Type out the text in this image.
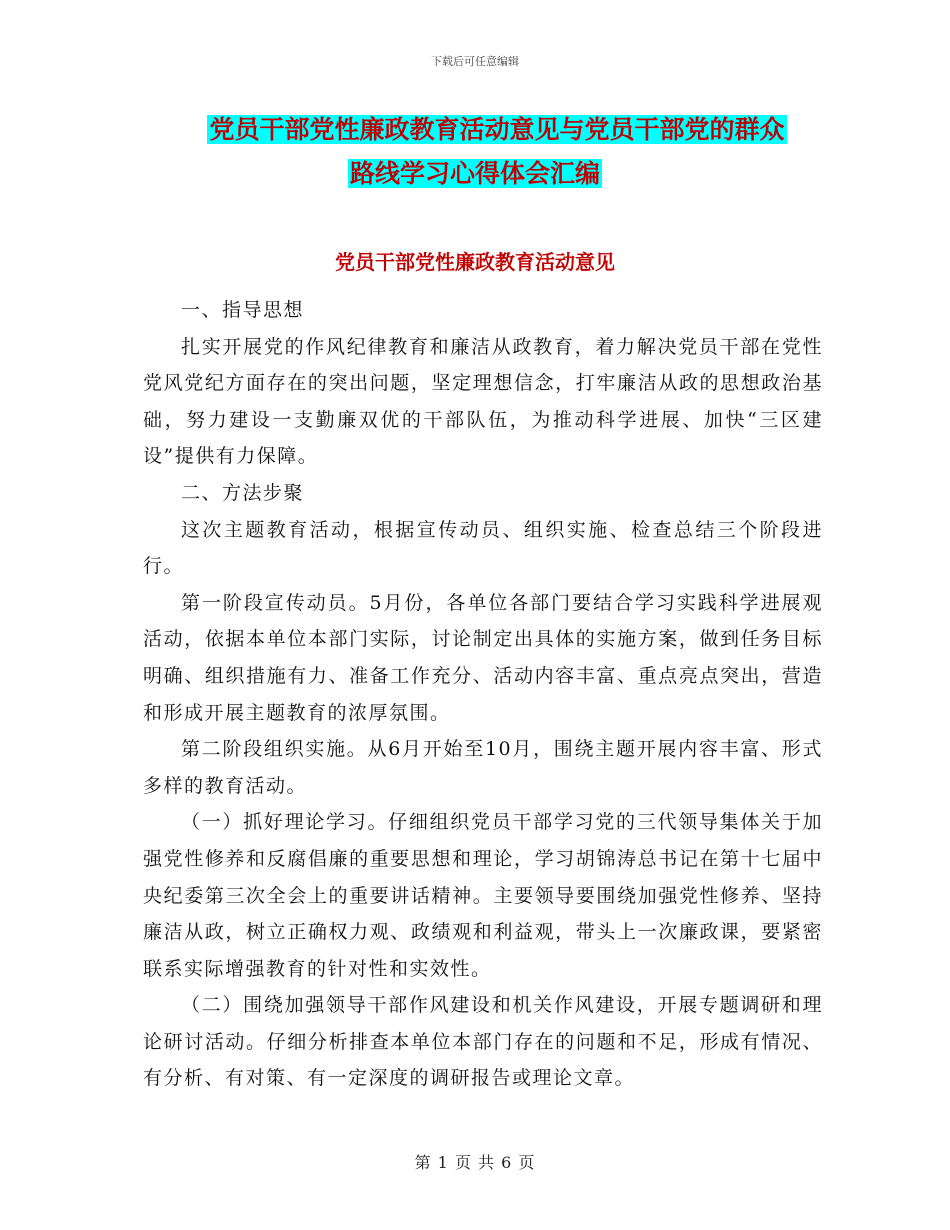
下载后可任意编辑
党员干部党性廉政教育活动意见与党员干部党的群众
路线学习心得体会汇编
党员干部党性廉政教育活动意见

一、指导思想

扎实开展党的作风纪律教育和廉洁从政教育，着力解决党员干部在党性党风党纪方面存在的突出问题，坚定理想信念，打牢廉洁从政的思想政治基础，努力建设一支勤廉双优的干部队伍，为推动科学进展、加快“三区建设”提供有力保障。

二、方法步聚

这次主题教育活动，根据宣传动员、组织实施、检查总结三个阶段进行。

第一阶段宣传动员。5月份，各单位各部门要结合学习实践科学进展观活动，依据本单位本部门实际，讨论制定出具体的实施方案，做到任务目标明确、组织措施有力、准备工作充分、活动内容丰富、重点亮点突出，营造和形成开展主题教育的浓厚氛围。

第二阶段组织实施。从6月开始至10月，围绕主题开展内容丰富、形式多样的教育活动。

（一）抓好理论学习。仔细组织党员干部学习党的三代领导集体关于加强党性修养和反腐倡廉的重要思想和理论，学习胡锦涛总书记在第十七届中央纪委第三次全会上的重要讲话精神。主要领导要围绕加强党性修养、坚持廉洁从政，树立正确权力观、政绩观和利益观，带头上一次廉政课，要紧密联系实际增强教育的针对性和实效性。

（二）围绕加强领导干部作风建设和机关作风建设，开展专题调研和理论研讨活动。仔细分析排查本单位本部门存在的问题和不足，形成有情况、有分析、有对策、有一定深度的调研报告或理论文章。

第 1 页 共 6 页
